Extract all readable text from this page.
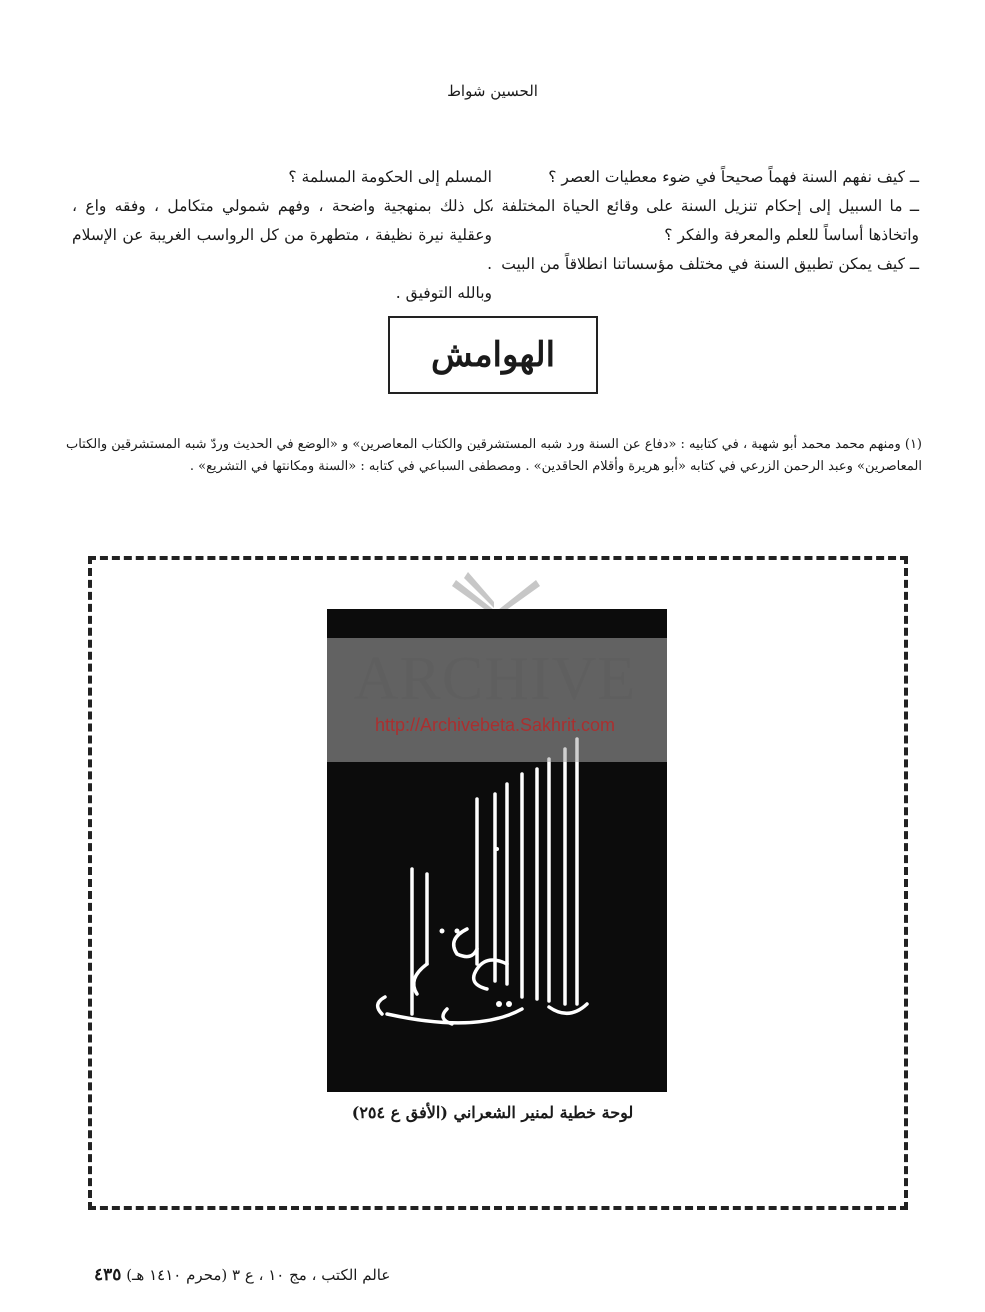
الحسين شواط

ــ كيف نفهم السنة فهماً صحيحاً في ضوء معطيات العصر ؟

ــ ما السبيل إلى إحكام تنزيل السنة على وقائع الحياة المختلفة ، واتخاذها أساساً للعلم والمعرفة والفكر ؟

ــ كيف يمكن تطبيق السنة في مختلف مؤسساتنا انطلاقاً من البيت

المسلم إلى الحكومة المسلمة ؟

كل ذلك بمنهجية واضحة ، وفهم شمولي متكامل ، وفقه واع ، وعقلية نيرة نظيفة ، متطهرة من كل الرواسب الغريبة عن الإسلام .

وبالله التوفيق .

الهوامش

(١) ومنهم محمد محمد أبو شهبة ، في كتابيه : «دفاع عن السنة ورد شبه المستشرقين والكتاب المعاصرين» و «الوضع في الحديث وردّ شبه المستشرقين والكتاب المعاصرين» وعبد الرحمن الزرعي في كتابه «أبو هريرة وأقلام الحاقدين» . ومصطفى السباعي في كتابه : «السنة ومكانتها في التشريع» .

ARCHIVE
http://Archivebeta.Sakhrit.com
لوحة خطية لمنير الشعراني (الأفق ع ٢٥٤)
عالم الكتب ، مج ١٠ ، ع ٣ (محرم ١٤١٠ هـ) ٤٣٥
